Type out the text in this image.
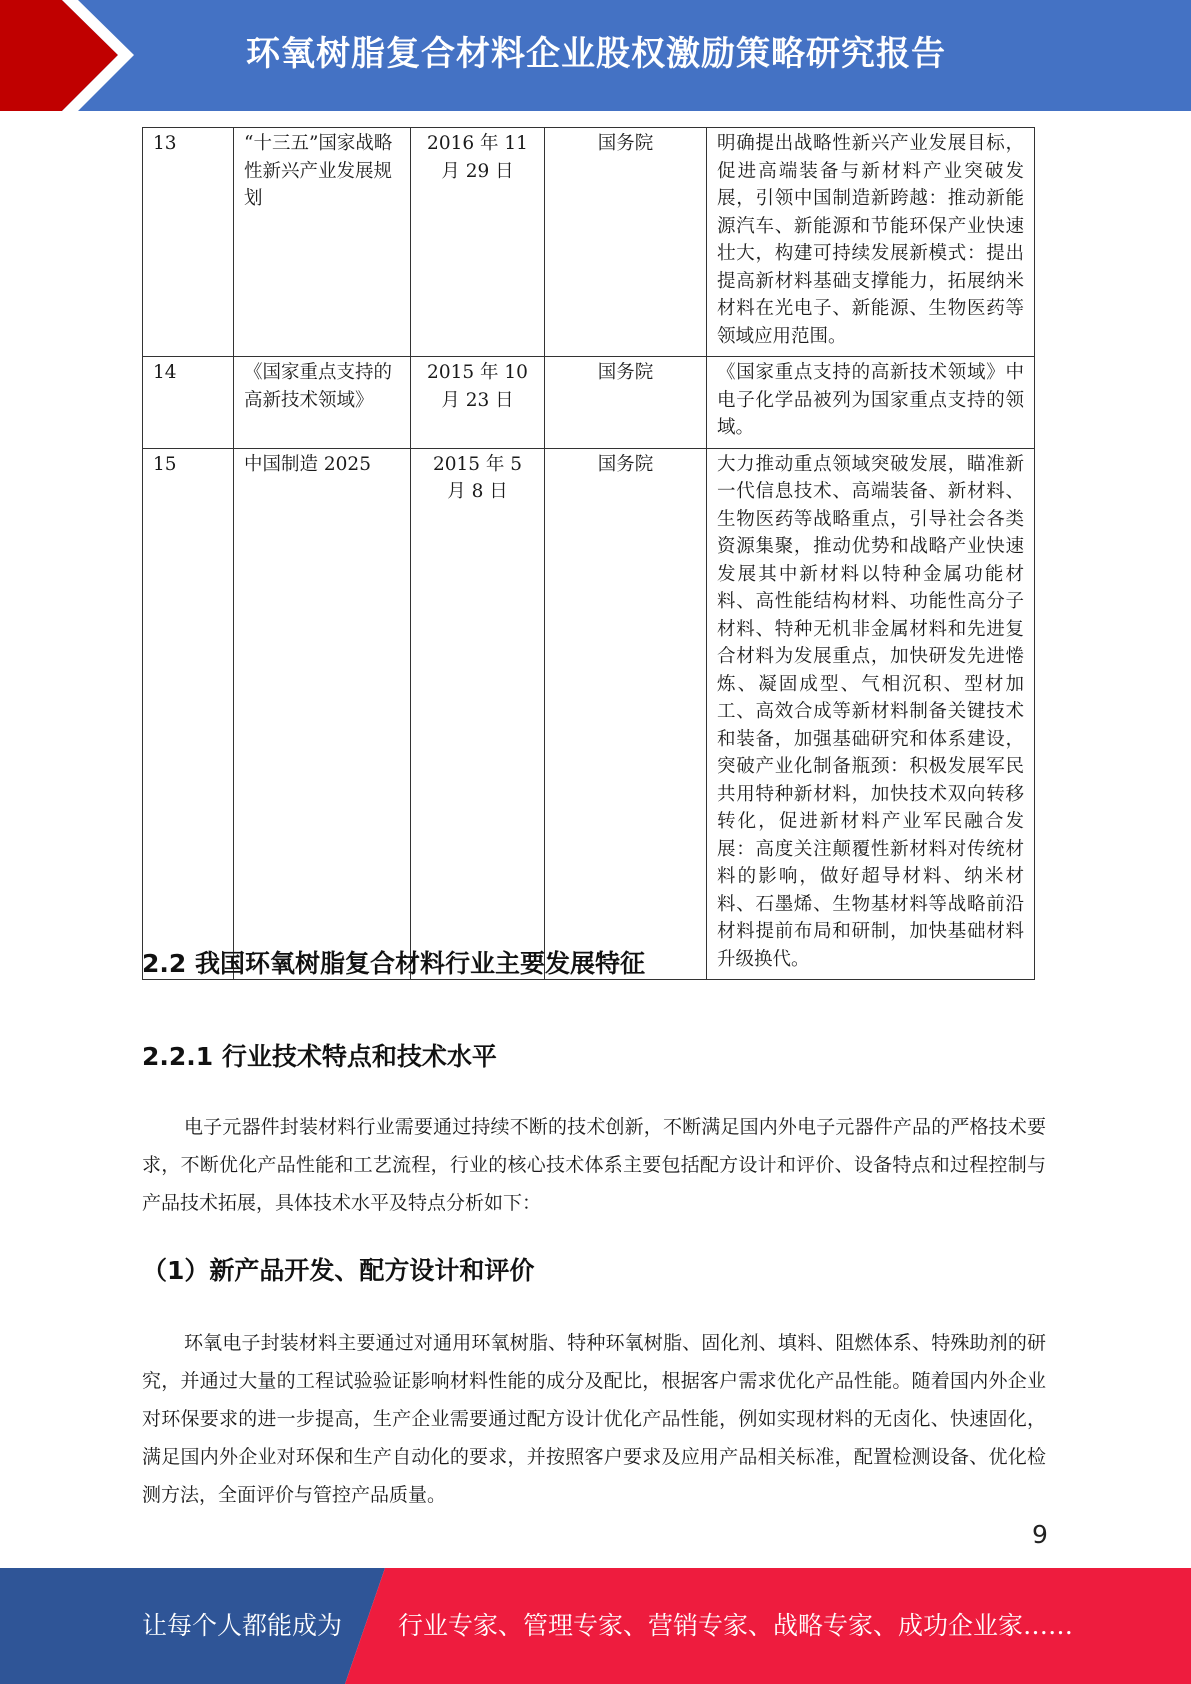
环氧树脂复合材料企业股权激励策略研究报告
13	“十三五”国家战略性新兴产业发展规划	2016 年 11 月 29 日	国务院	明确提出战略性新兴产业发展目标， 促进高端装备与新材料产业突破发 展，引领中国制造新跨越：推动新能 源汽车、新能源和节能环保产业快速 壮大，构建可持续发展新模式：提出 提高新材料基础支撑能力，拓展纳米材料在光电子、新能源、生物医药等 领域应用范围。
14	《国家重点支持的高新技术领域》	2015 年 10 月 23 日	国务院	《国家重点支持的高新技术领域》中 电子化学品被列为国家重点支持的领 域。
15	中国制造 2025	2015 年 5 月 8 日	国务院	大力推动重点领域突破发展，瞄准新 一代信息技术、高端装备、新材料、 生物医药等战略重点，引导社会各类 资源集聚，推动优势和战略产业快速 发展其中新材料以特种金属功能材 料、高性能结构材料、功能性高分子 材料、特种无机非金属材料和先进复合材料为发展重点，加快研发先进惓 炼、凝固成型、气相沉积、型材加 工、高效合成等新材料制备关键技术 和装备，加强基础研究和体系建设， 突破产业化制备瓶颈：积极发展军民 共用特种新材料，加快技术双向转移转化，促进新材料产业军民融合发 展：高度关注颠覆性新材料对传统材 料的影响，做好超导材料、纳米材 料、石墨烯、生物基材料等战略前沿 材料提前布局和研制，加快基础材料 升级换代。
2.2 我国环氧树脂复合材料行业主要发展特征
2.2.1 行业技术特点和技术水平

电子元器件封装材料行业需要通过持续不断的技术创新，不断满足国内外电子元器件产品的严格技术要求，不断优化产品性能和工艺流程，行业的核心技术体系主要包括配方设计和评价、设备特点和过程控制与产品技术拓展，具体技术水平及特点分析如下：

（1）新产品开发、配方设计和评价

环氧电子封装材料主要通过对通用环氧树脂、特种环氧树脂、固化剂、填料、阻燃体系、特殊助剂的研究，并通过大量的工程试验验证影响材料性能的成分及配比，根据客户需求优化产品性能。随着国内外企业对环保要求的进一步提高，生产企业需要通过配方设计优化产品性能，例如实现材料的无卤化、快速固化，满足国内外企业对环保和生产自动化的要求，并按照客户要求及应用产品相关标准，配置检测设备、优化检测方法，全面评价与管控产品质量。

9
让每个人都能成为 行业专家、管理专家、营销专家、战略专家、成功企业家……
